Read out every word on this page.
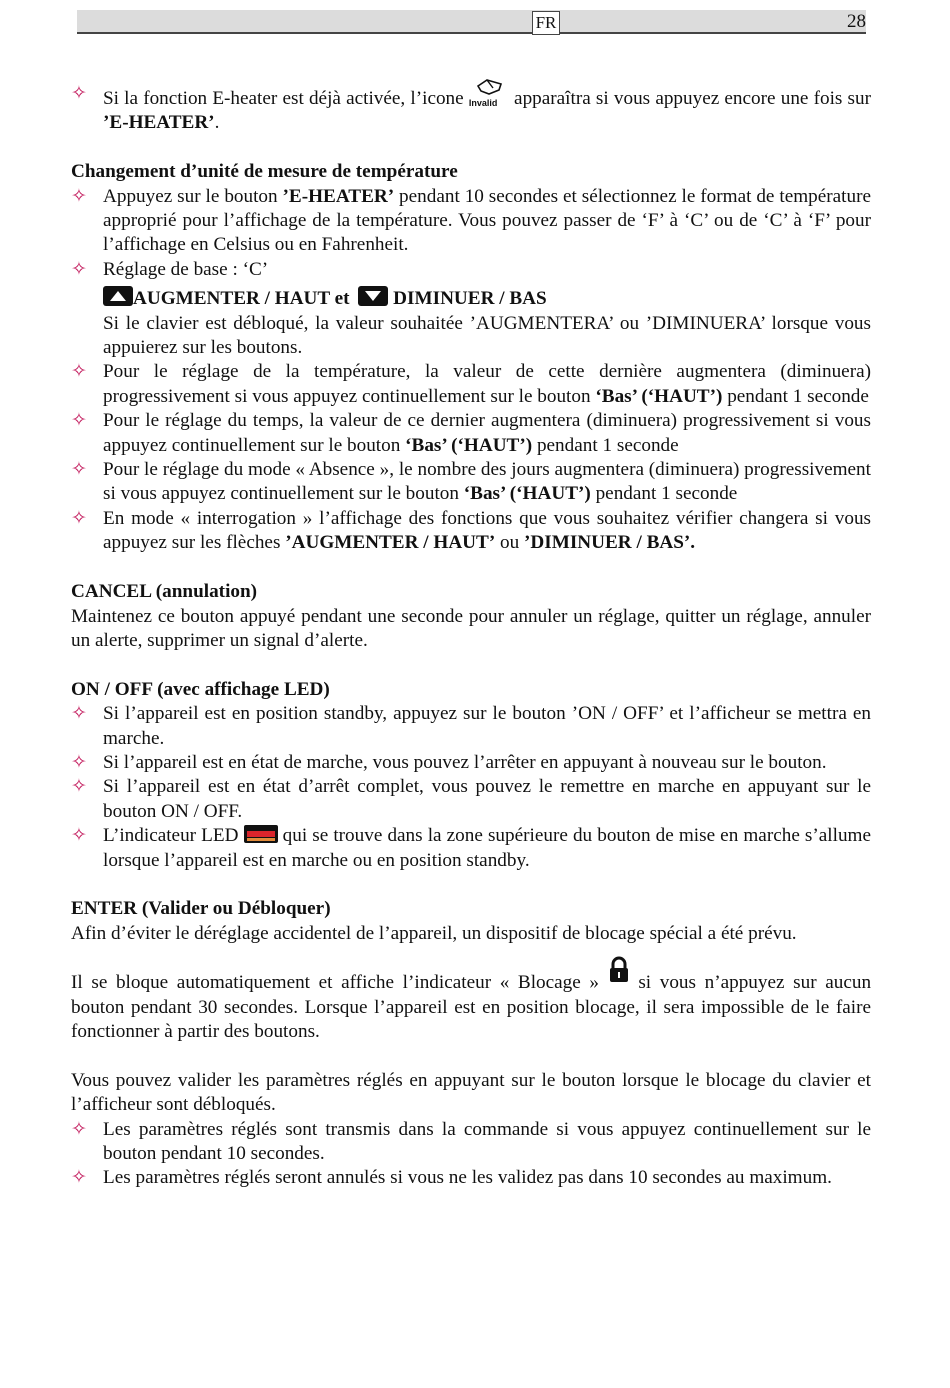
FR	28
✧ Si la fonction E-heater est déjà activée, l’icone Invalid apparaîtra si vous appuyez encore une fois sur ’E-HEATER’.

Changement d’unité de mesure de température

✧ Appuyez sur le bouton ’E-HEATER’ pendant 10 secondes et sélectionnez le format de température approprié pour l’affichage de la température. Vous pouvez passer de ‘F’ à ‘C’ ou de ‘C’ à ‘F’ pour l’affichage en Celsius ou en Fahrenheit.
✧ Réglage de base : ‘C’
AUGMENTER / HAUT et DIMINUER / BAS

Si le clavier est débloqué, la valeur souhaitée ’AUGMENTERA’ ou ’DIMINUERA’ lorsque vous appuierez sur les boutons.

✧ Pour le réglage de la température, la valeur de cette dernière augmentera (diminuera) progressivement si vous appuyez continuellement sur le bouton ‘Bas’ (‘HAUT’) pendant 1 seconde
✧ Pour le réglage du temps, la valeur de ce dernier augmentera (diminuera) progressivement si vous appuyez continuellement sur le bouton ‘Bas’ (‘HAUT’) pendant 1 seconde
✧ Pour le réglage du mode « Absence », le nombre des jours augmentera (diminuera) progressivement si vous appuyez continuellement sur le bouton ‘Bas’ (‘HAUT’) pendant 1 seconde
✧ En mode « interrogation » l’affichage des fonctions que vous souhaitez vérifier changera si vous appuyez sur les flèches ’AUGMENTER / HAUT’ ou ’DIMINUER / BAS’.

CANCEL (annulation)

Maintenez ce bouton appuyé pendant une seconde pour annuler un réglage, quitter un réglage, annuler un alerte, supprimer un signal d’alerte.

ON / OFF (avec affichage LED)

✧ Si l’appareil est en position standby, appuyez sur le bouton ’ON / OFF’ et l’afficheur se mettra en marche.
✧ Si l’appareil est en état de marche, vous pouvez l’arrêter en appuyant à nouveau sur le bouton.
✧ Si l’appareil est en état d’arrêt complet, vous pouvez le remettre en marche en appuyant sur le bouton ON / OFF.
✧ L’indicateur LED qui se trouve dans la zone supérieure du bouton de mise en marche s’allume lorsque l’appareil est en marche ou en position standby.

ENTER (Valider ou Débloquer)

Afin d’éviter le déréglage accidentel de l’appareil, un dispositif de blocage spécial a été prévu.

Il se bloque automatiquement et affiche l’indicateur « Blocage » si vous n’appuyez sur aucun bouton pendant 30 secondes. Lorsque l’appareil est en position blocage, il sera impossible de le faire fonctionner à partir des boutons.

Vous pouvez valider les paramètres réglés en appuyant sur le bouton lorsque le blocage du clavier et l’afficheur sont débloqués.

✧ Les paramètres réglés sont transmis dans la commande si vous appuyez continuellement sur le bouton pendant 10 secondes.
✧ Les paramètres réglés seront annulés si vous ne les validez pas dans 10 secondes au maximum.
